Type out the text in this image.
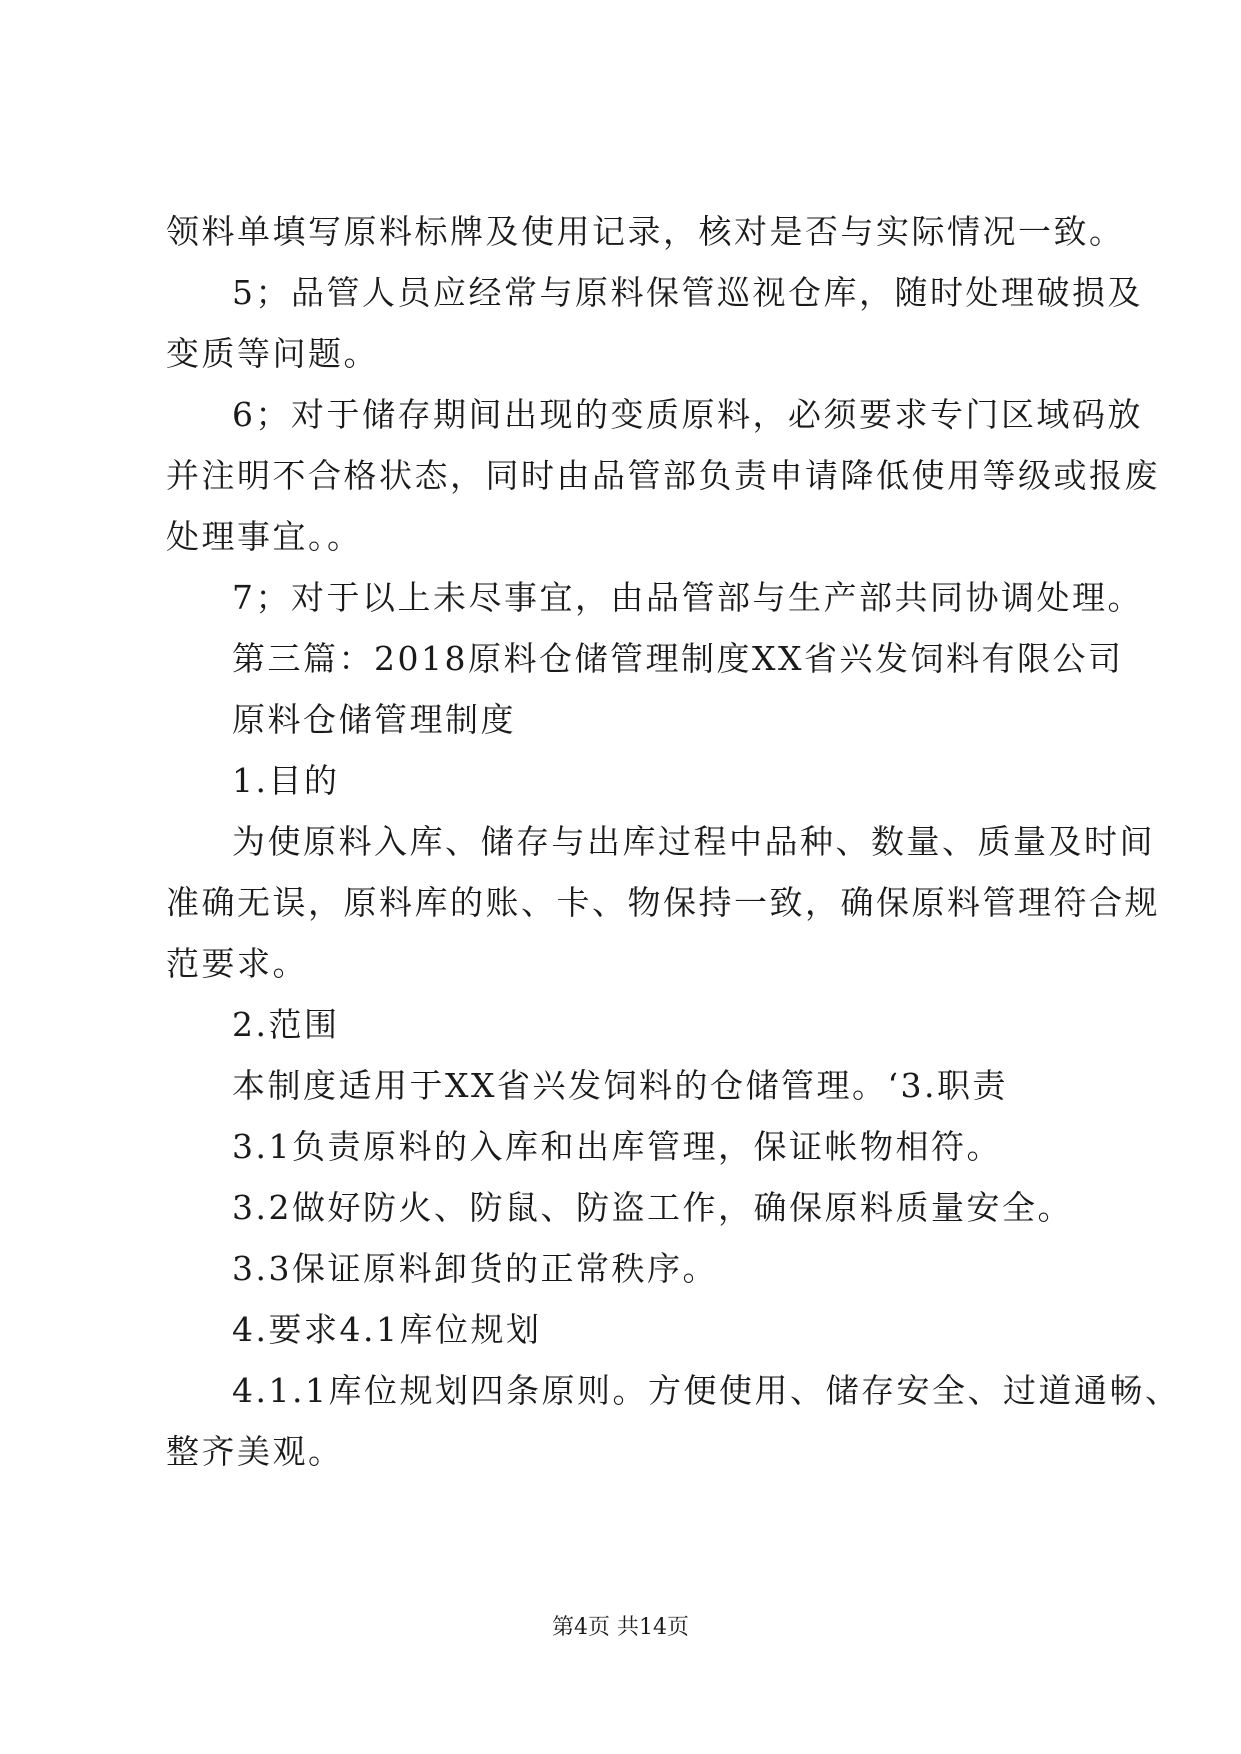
领料单填写原料标牌及使用记录，核对是否与实际情况一致。

5；品管人员应经常与原料保管巡视仓库，随时处理破损及

变质等问题。

6；对于储存期间出现的变质原料，必须要求专门区域码放

并注明不合格状态，同时由品管部负责申请降低使用等级或报废

处理事宜。。

7；对于以上未尽事宜，由品管部与生产部共同协调处理。

第三篇：2018原料仓储管理制度XX省兴发饲料有限公司

原料仓储管理制度

1.目的

为使原料入库、储存与出库过程中品种、数量、质量及时间

准确无误，原料库的账、卡、物保持一致，确保原料管理符合规

范要求。

2.范围

本制度适用于XX省兴发饲料的仓储管理。‘3.职责

3.1负责原料的入库和出库管理，保证帐物相符。

3.2做好防火、防鼠、防盗工作，确保原料质量安全。

3.3保证原料卸货的正常秩序。

4.要求4.1库位规划

4.1.1库位规划四条原则。方便使用、储存安全、过道通畅、

整齐美观。

第4页 共14页
